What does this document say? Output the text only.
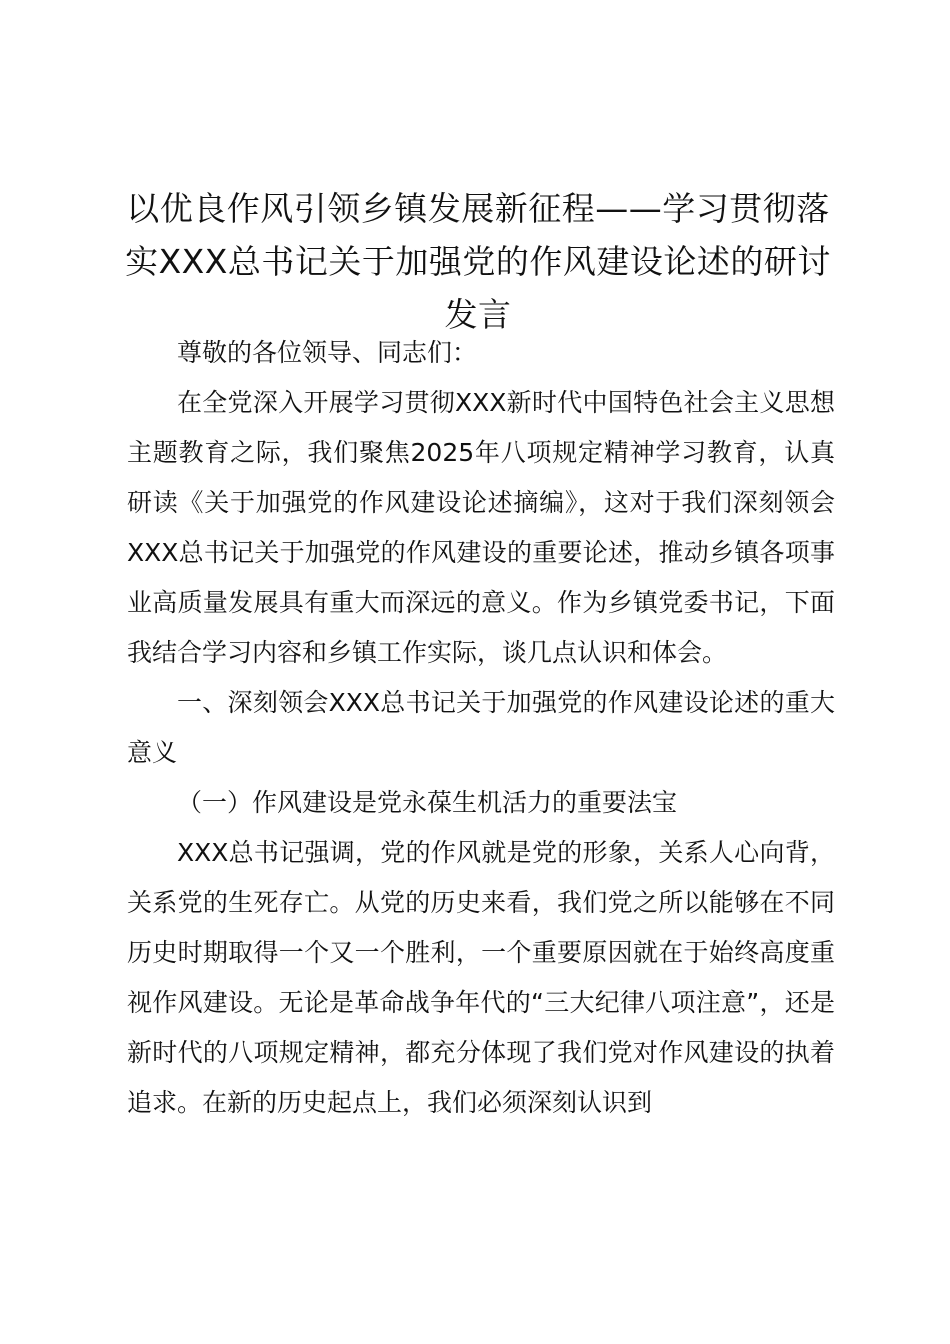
以优良作风引领乡镇发展新征程——学习贯彻落实XXX总书记关于加强党的作风建设论述的研讨发言

尊敬的各位领导、同志们：

在全党深入开展学习贯彻XXX新时代中国特色社会主义思想主题教育之际，我们聚焦2025年八项规定精神学习教育，认真研读《关于加强党的作风建设论述摘编》，这对于我们深刻领会XXX总书记关于加强党的作风建设的重要论述，推动乡镇各项事业高质量发展具有重大而深远的意义。作为乡镇党委书记，下面我结合学习内容和乡镇工作实际，谈几点认识和体会。

一、深刻领会XXX总书记关于加强党的作风建设论述的重大意义

（一）作风建设是党永葆生机活力的重要法宝

XXX总书记强调，党的作风就是党的形象，关系人心向背，关系党的生死存亡。从党的历史来看，我们党之所以能够在不同历史时期取得一个又一个胜利，一个重要原因就在于始终高度重视作风建设。无论是革命战争年代的“三大纪律八项注意”，还是新时代的八项规定精神，都充分体现了我们党对作风建设的执着追求。在新的历史起点上，我们必须深刻认识到
